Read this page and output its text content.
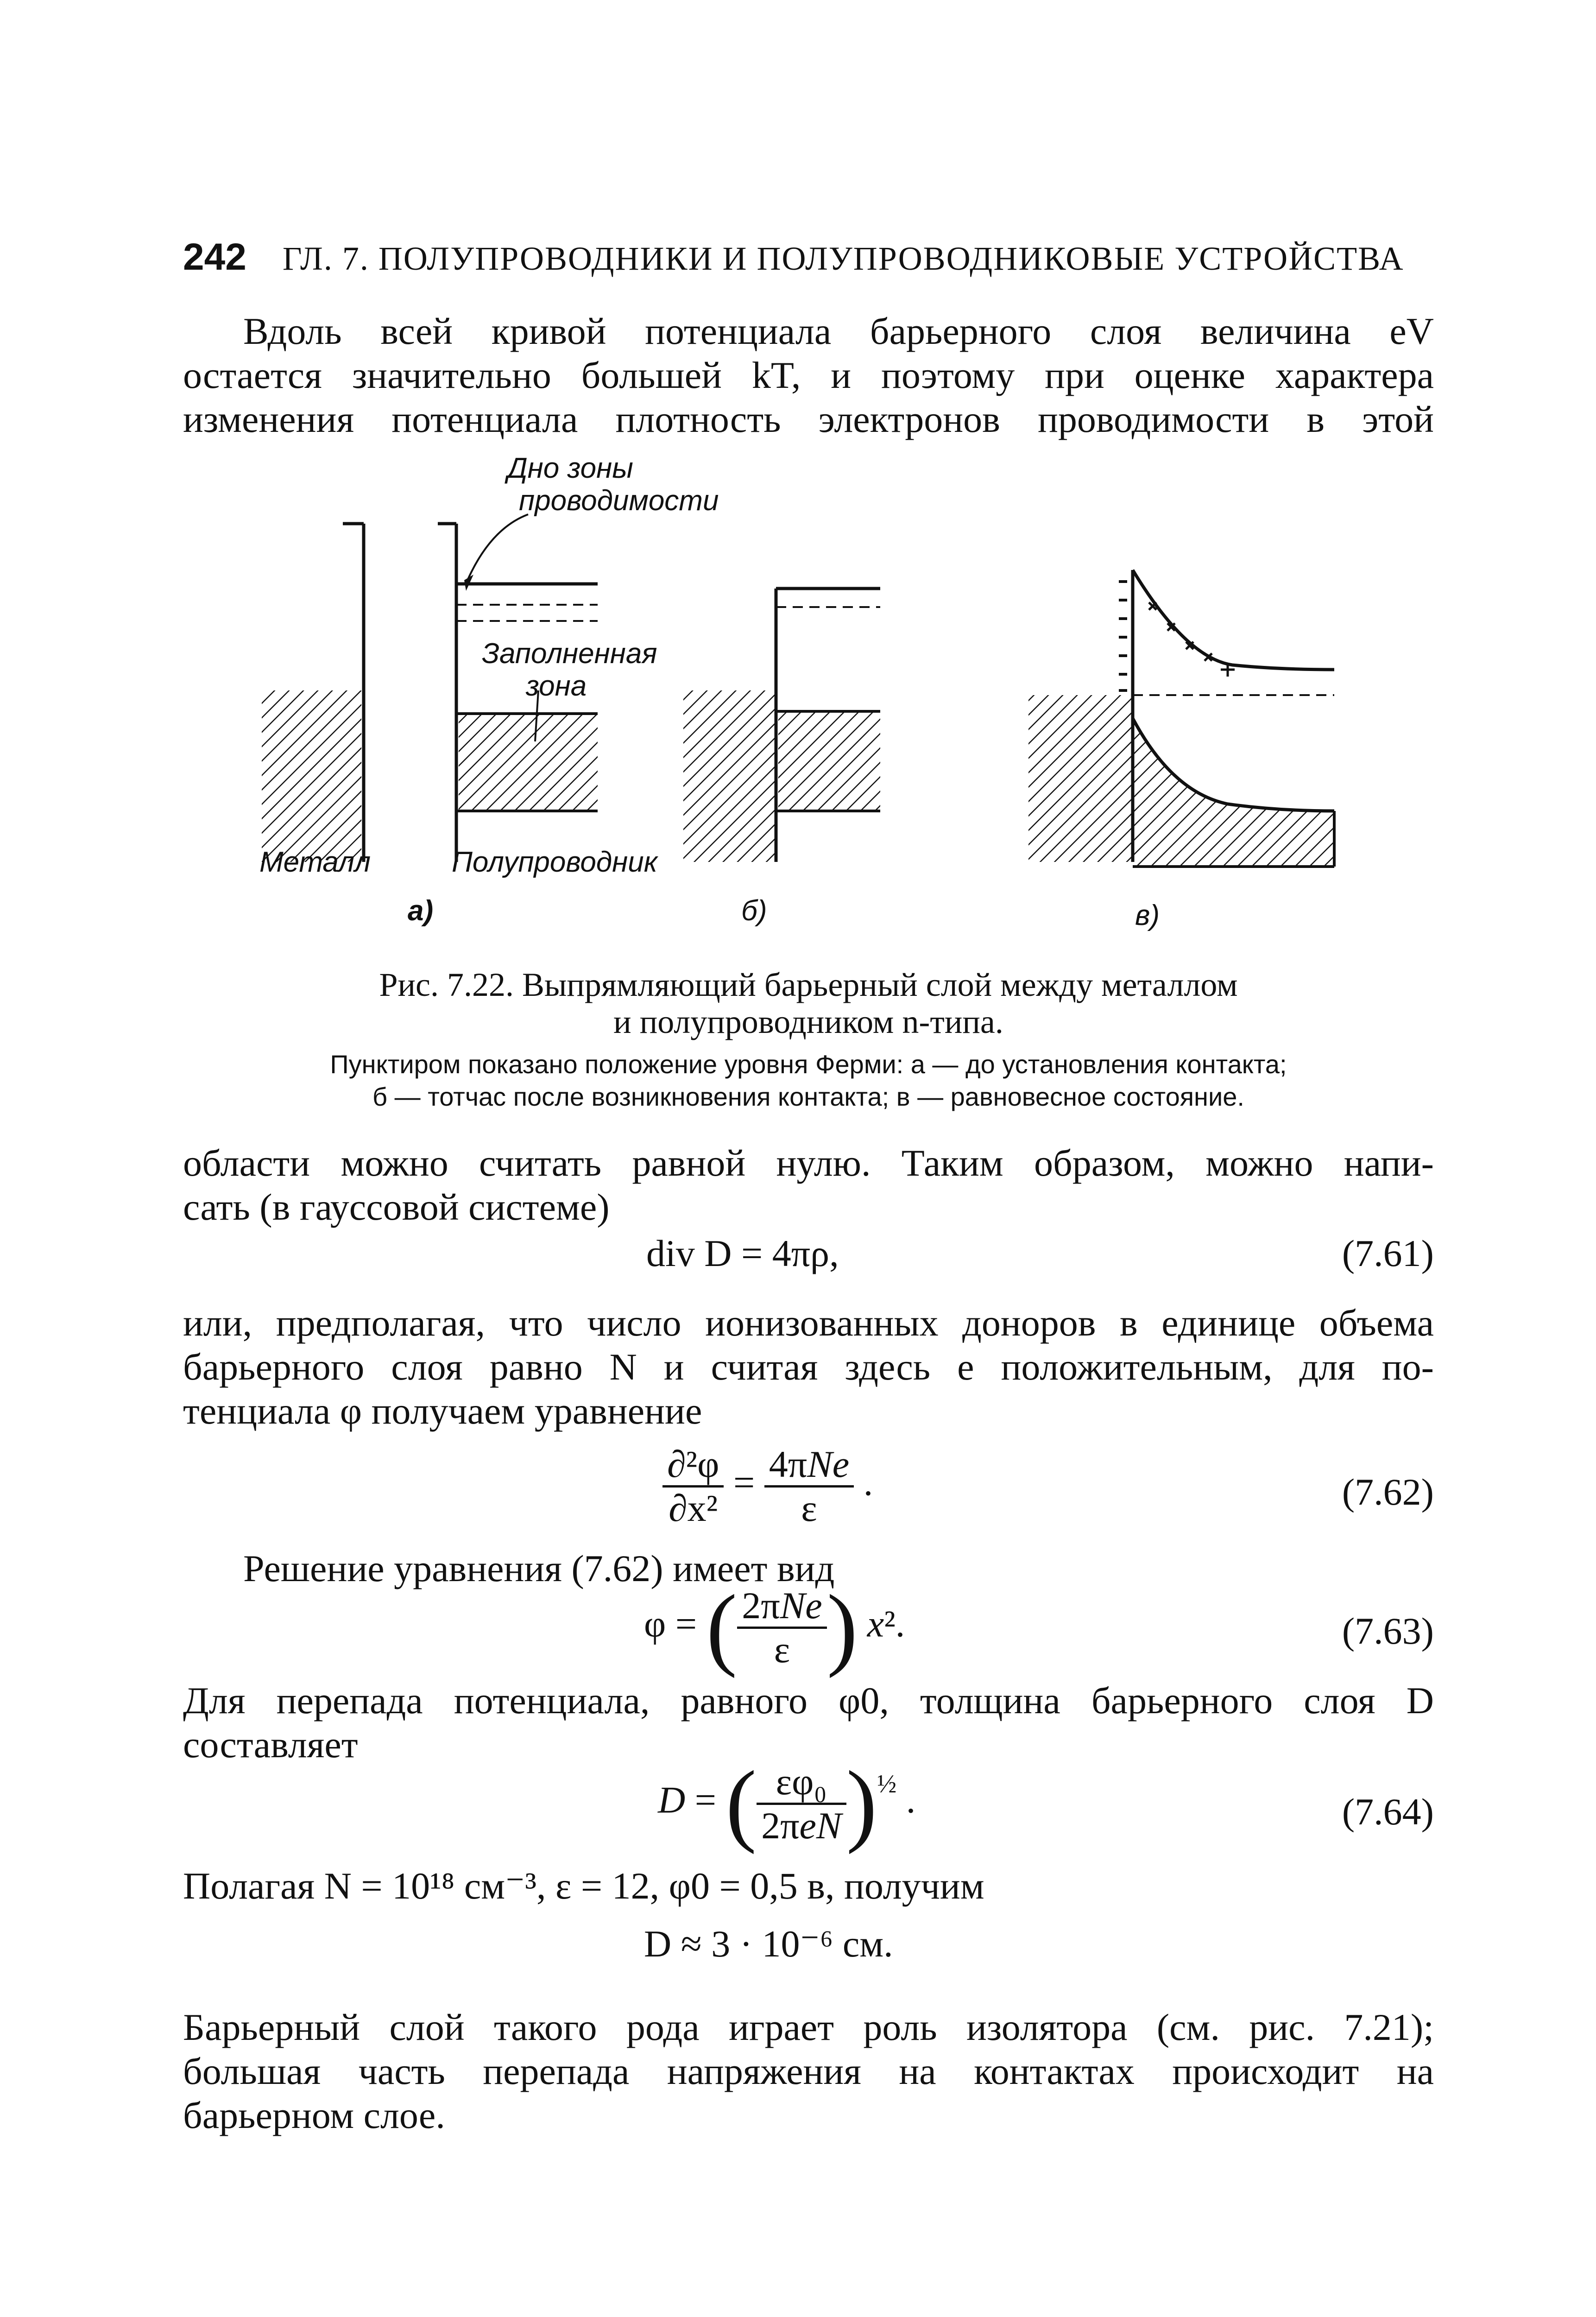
242 ГЛ. 7. ПОЛУПРОВОДНИКИ И ПОЛУПРОВОДНИКОВЫЕ УСТРОЙСТВА
Вдоль всей кривой потенциала барьерного слоя величина eV
остается значительно большей kT, и поэтому при оценке характера
изменения потенциала плотность электронов проводимости в этой
Дно зоны
проводимости
Заполненная
зона
Металл	Полупроводник
а)	б)	в)
Рис. 7.22. Выпрямляющий барьерный слой между металлом
и полупроводником n-типа.
Пунктиром показано положение уровня Ферми: а — до установления контакта;
б — тотчас после возникновения контакта; в — равновесное состояние.
области можно считать равной нулю. Таким образом, можно напи-
сать (в гауссовой системе)
div D = 4πρ,	(7.61)
или, предполагая, что число ионизованных доноров в единице объема
барьерного слоя равно N и считая здесь e положительным, для по-
тенциала φ получаем уравнение
$\frac{\text{∂²φ}}{\text{∂x²}} = \frac{\text{4πNe}}{\varepsilon}$ .	(7.62)
Решение уравнения (7.62) имеет вид
φ = ( $\frac{\text{2πNe}}{\varepsilon}$ ) x².	(7.63)
Для перепада потенциала, равного φ0, толщина барьерного слоя D
составляет
D = ( $\frac{\text{εφ₀}}{\text{2πeN}} )^{\frac{1}{2}}$ .	(7.64)
Полагая N = 10¹⁸ см⁻³, ε = 12, φ0 = 0,5 в, получим
D ≈ 3 · 10⁻⁶ см.
Барьерный слой такого рода играет роль изолятора (см. рис. 7.21);
большая часть перепада напряжения на контактах происходит на
барьерном слое.
